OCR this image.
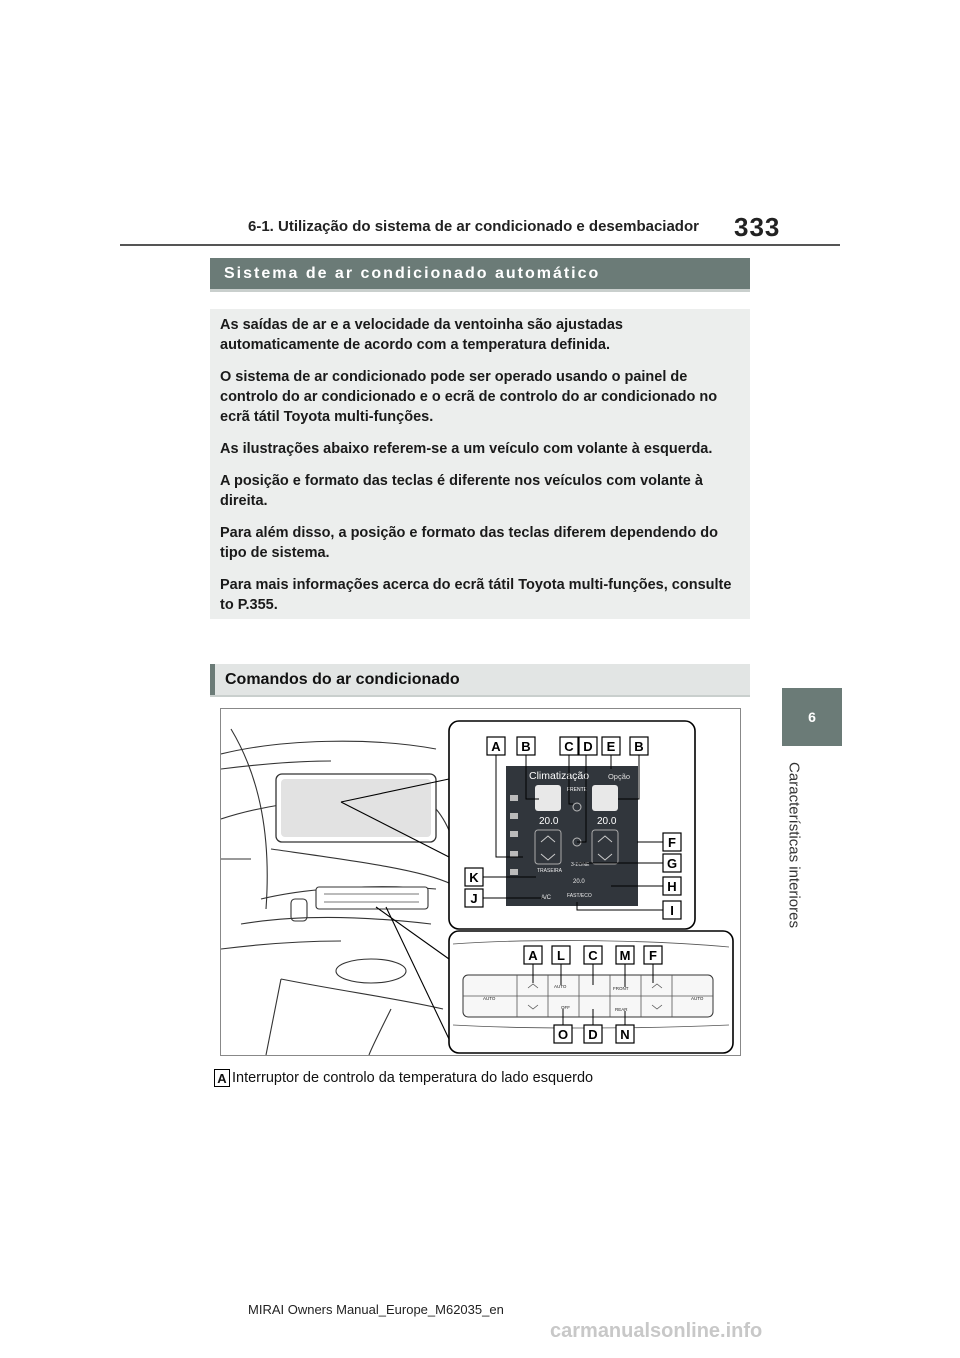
6-1. Utilização do sistema de ar condicionado e desembaciador 333
6
Características interiores
Sistema de ar condicionado automático

As saídas de ar e a velocidade da ventoinha são ajustadas automaticamente de acordo com a temperatura definida.

O sistema de ar condicionado pode ser operado usando o painel de controlo do ar condicionado e o ecrã de controlo do ar condicionado no ecrã tátil Toyota multi-funções.

As ilustrações abaixo referem-se a um veículo com volante à esquerda.

A posição e formato das teclas é diferente nos veículos com volante à direita.

Para além disso, a posição e formato das teclas diferem dependendo do tipo de sistema.

Para mais informações acerca do ecrã tátil Toyota multi-funções, consulte to P.355.

Comandos do ar condicionado
Climatização	Opção
FRENTE
20.0	20.0
TRASEIRA
3-ZONE
20.0
A/C	FAST/ECO
A B	C D E B
F
G
H
I
K
J
AUTO
AUTO	AUTO
OFF
FRONT
REAR
A L C M F
O D N
A Interruptor de controlo da temperatura do lado esquerdo
MIRAI Owners Manual_Europe_M62035_en
carmanualsonline.info
